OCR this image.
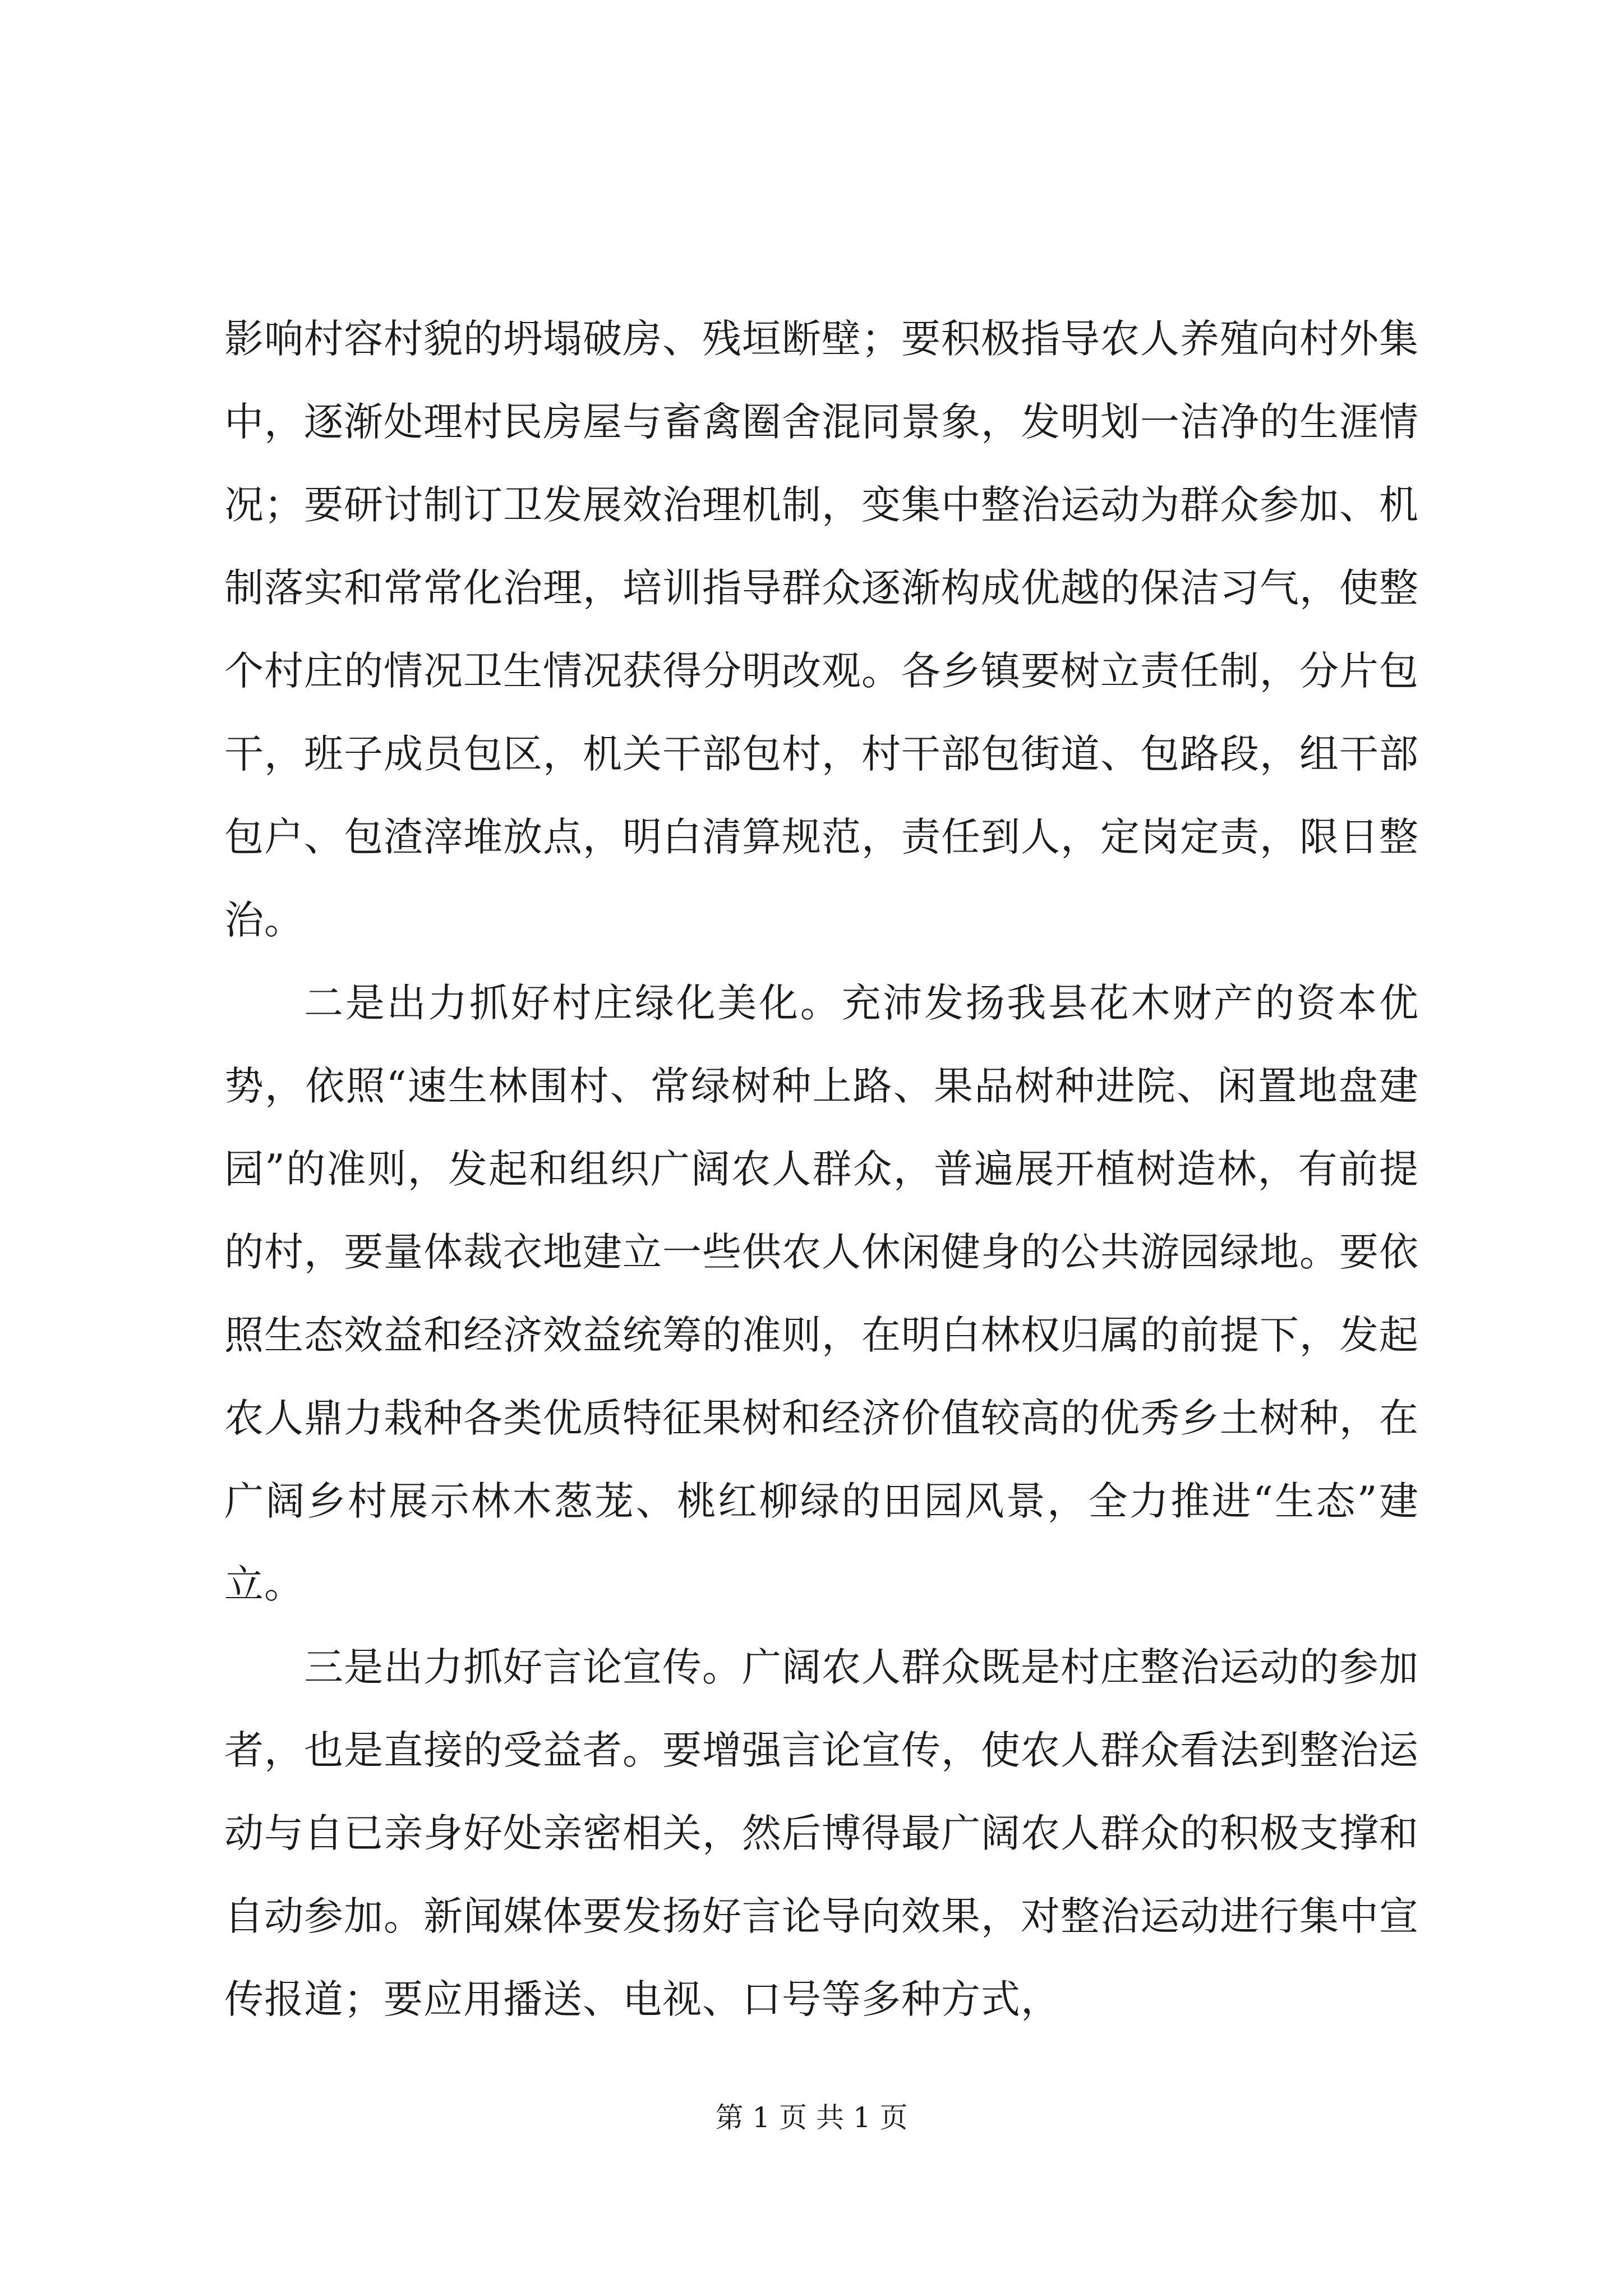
影响村容村貌的坍塌破房、残垣断壁；要积极指导农人养殖向村外集中，逐渐处理村民房屋与畜禽圈舍混同景象，发明划一洁净的生涯情况；要研讨制订卫发展效治理机制，变集中整治运动为群众参加、机制落实和常常化治理，培训指导群众逐渐构成优越的保洁习气，使整个村庄的情况卫生情况获得分明改观。各乡镇要树立责任制，分片包干，班子成员包区，机关干部包村，村干部包街道、包路段，组干部包户、包渣滓堆放点，明白清算规范，责任到人，定岗定责，限日整治。

二是出力抓好村庄绿化美化。充沛发扬我县花木财产的资本优势，依照“速生林围村、常绿树种上路、果品树种进院、闲置地盘建园”的准则，发起和组织广阔农人群众，普遍展开植树造林，有前提的村，要量体裁衣地建立一些供农人休闲健身的公共游园绿地。要依照生态效益和经济效益统筹的准则，在明白林权归属的前提下，发起农人鼎力栽种各类优质特征果树和经济价值较高的优秀乡土树种，在广阔乡村展示林木葱茏、桃红柳绿的田园风景，全力推进“生态”建立。

三是出力抓好言论宣传。广阔农人群众既是村庄整治运动的参加者，也是直接的受益者。要增强言论宣传，使农人群众看法到整治运动与自已亲身好处亲密相关，然后博得最广阔农人群众的积极支撑和自动参加。新闻媒体要发扬好言论导向效果，对整治运动进行集中宣传报道；要应用播送、电视、口号等多种方式，

第 1 页 共 1 页
